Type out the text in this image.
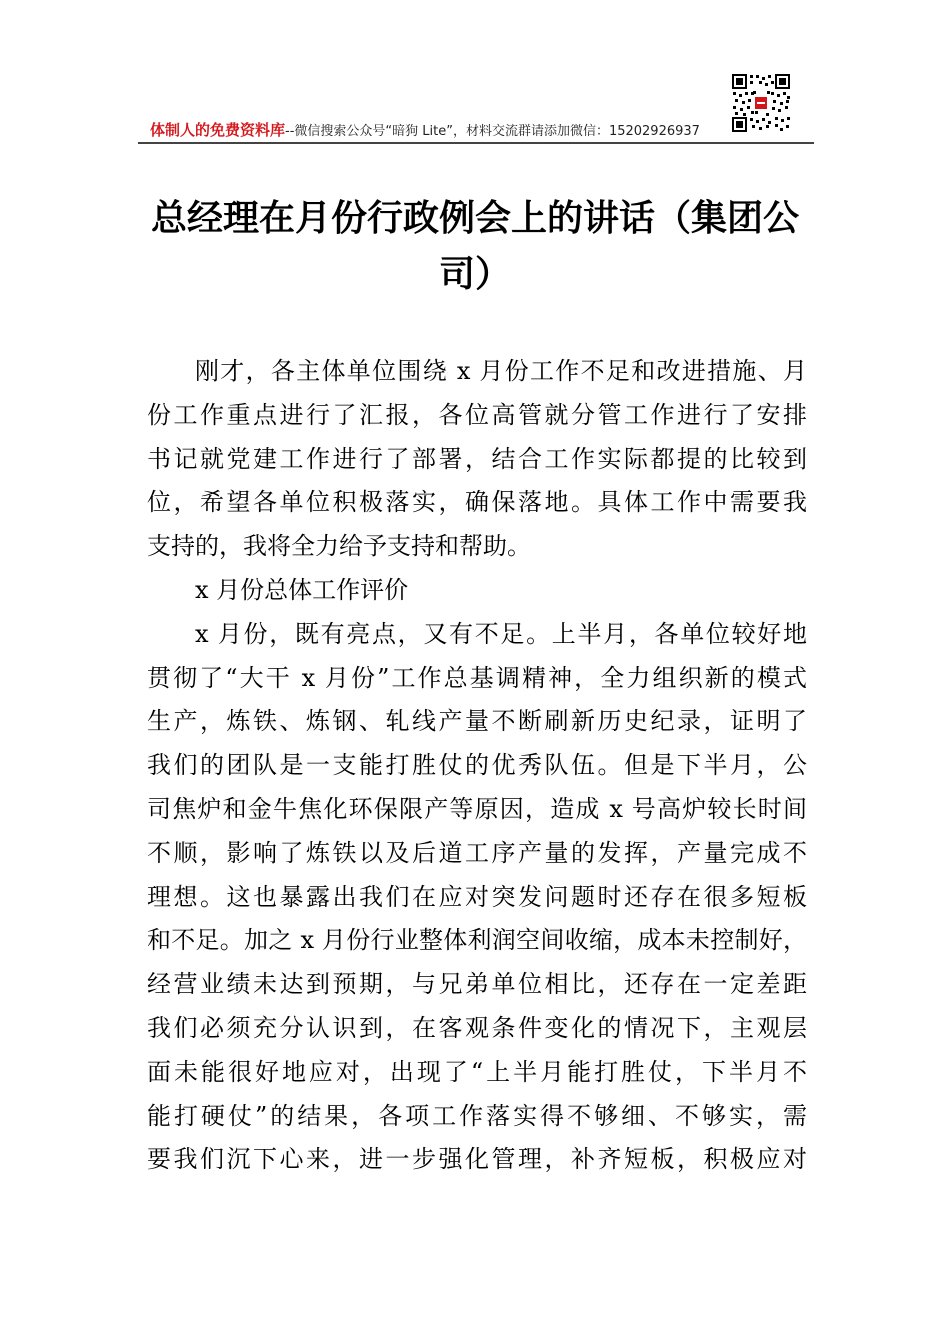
体制人的免费资料库--微信搜索公众号“暗狗 Lite”，材料交流群请添加微信：15202926937
总经理在月份行政例会上的讲话（集团公
司）
刚才，各主体单位围绕 x 月份工作不足和改进措施、月
份工作重点进行了汇报，各位高管就分管工作进行了安排
书记就党建工作进行了部署，结合工作实际都提的比较到
位，希望各单位积极落实，确保落地。具体工作中需要我
支持的，我将全力给予支持和帮助。
x 月份总体工作评价
x 月份，既有亮点，又有不足。上半月，各单位较好地
贯彻了“大干 x 月份”工作总基调精神，全力组织新的模式
生产，炼铁、炼钢、轧线产量不断刷新历史纪录，证明了
我们的团队是一支能打胜仗的优秀队伍。但是下半月，公
司焦炉和金牛焦化环保限产等原因，造成 x 号高炉较长时间
不顺，影响了炼铁以及后道工序产量的发挥，产量完成不
理想。这也暴露出我们在应对突发问题时还存在很多短板
和不足。加之 x 月份行业整体利润空间收缩，成本未控制好，
经营业绩未达到预期，与兄弟单位相比，还存在一定差距
我们必须充分认识到，在客观条件变化的情况下，主观层
面未能很好地应对，出现了“上半月能打胜仗，下半月不
能打硬仗”的结果，各项工作落实得不够细、不够实，需
要我们沉下心来，进一步强化管理，补齐短板，积极应对
